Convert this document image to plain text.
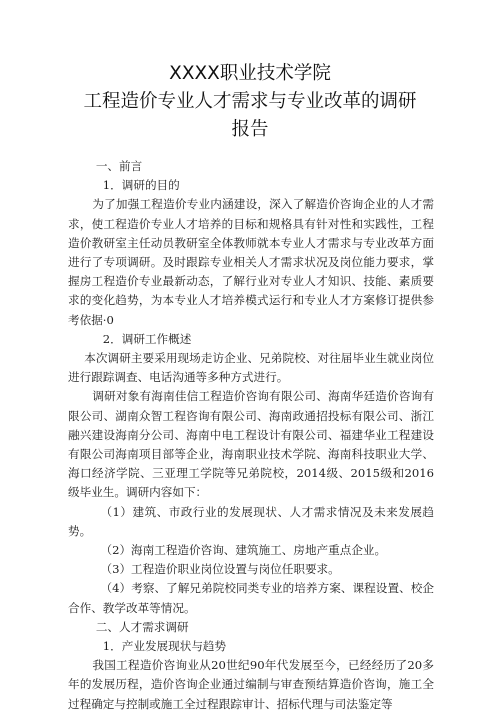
XXXX职业技术学院
工程造价专业人才需求与专业改革的调研
报告

一、前言

1．调研的目的

为了加强工程造价专业内涵建设，深入了解造价咨询企业的人才需求，使工程造价专业人才培养的目标和规格具有针对性和实践性，工程造价教研室主任动员教研室全体教师就本专业人才需求与专业改革方面进行了专项调研。及时跟踪专业相关人才需求状况及岗位能力要求，掌握房工程造价专业最新动态，了解行业对专业人才知识、技能、素质要求的变化趋势，为本专业人才培养模式运行和专业人才方案修订提供参考依据·0

2．调研工作概述

本次调研主要采用现场走访企业、兄弟院校、对往届毕业生就业岗位进行跟踪调查、电话沟通等多种方式进行。

调研对象有海南佳信工程造价咨询有限公司、海南华廷造价咨询有限公司、湖南众智工程咨询有限公司、海南政通招投标有限公司、浙江融兴建设海南分公司、海南中电工程设计有限公司、福建华业工程建设有限公司海南项目部等企业，海南职业技术学院、海南科技职业大学、海口经济学院、三亚理工学院等兄弟院校，2014级、2015级和2016级毕业生。调研内容如下：

（1）建筑、市政行业的发展现状、人才需求情况及未来发展趋势。

（2）海南工程造价咨询、建筑施工、房地产重点企业。

（3）工程造价职业岗位设置与岗位任职要求。

（4）考察、了解兄弟院校同类专业的培养方案、课程设置、校企合作、教学改革等情况。

二、人才需求调研

1．产业发展现状与趋势

我国工程造价咨询业从20世纪90年代发展至今，已经经历了20多年的发展历程，造价咨询企业通过编制与审查预结算造价咨询，施工全过程确定与控制或施工全过程跟踪审计、招标代理与司法鉴定等
